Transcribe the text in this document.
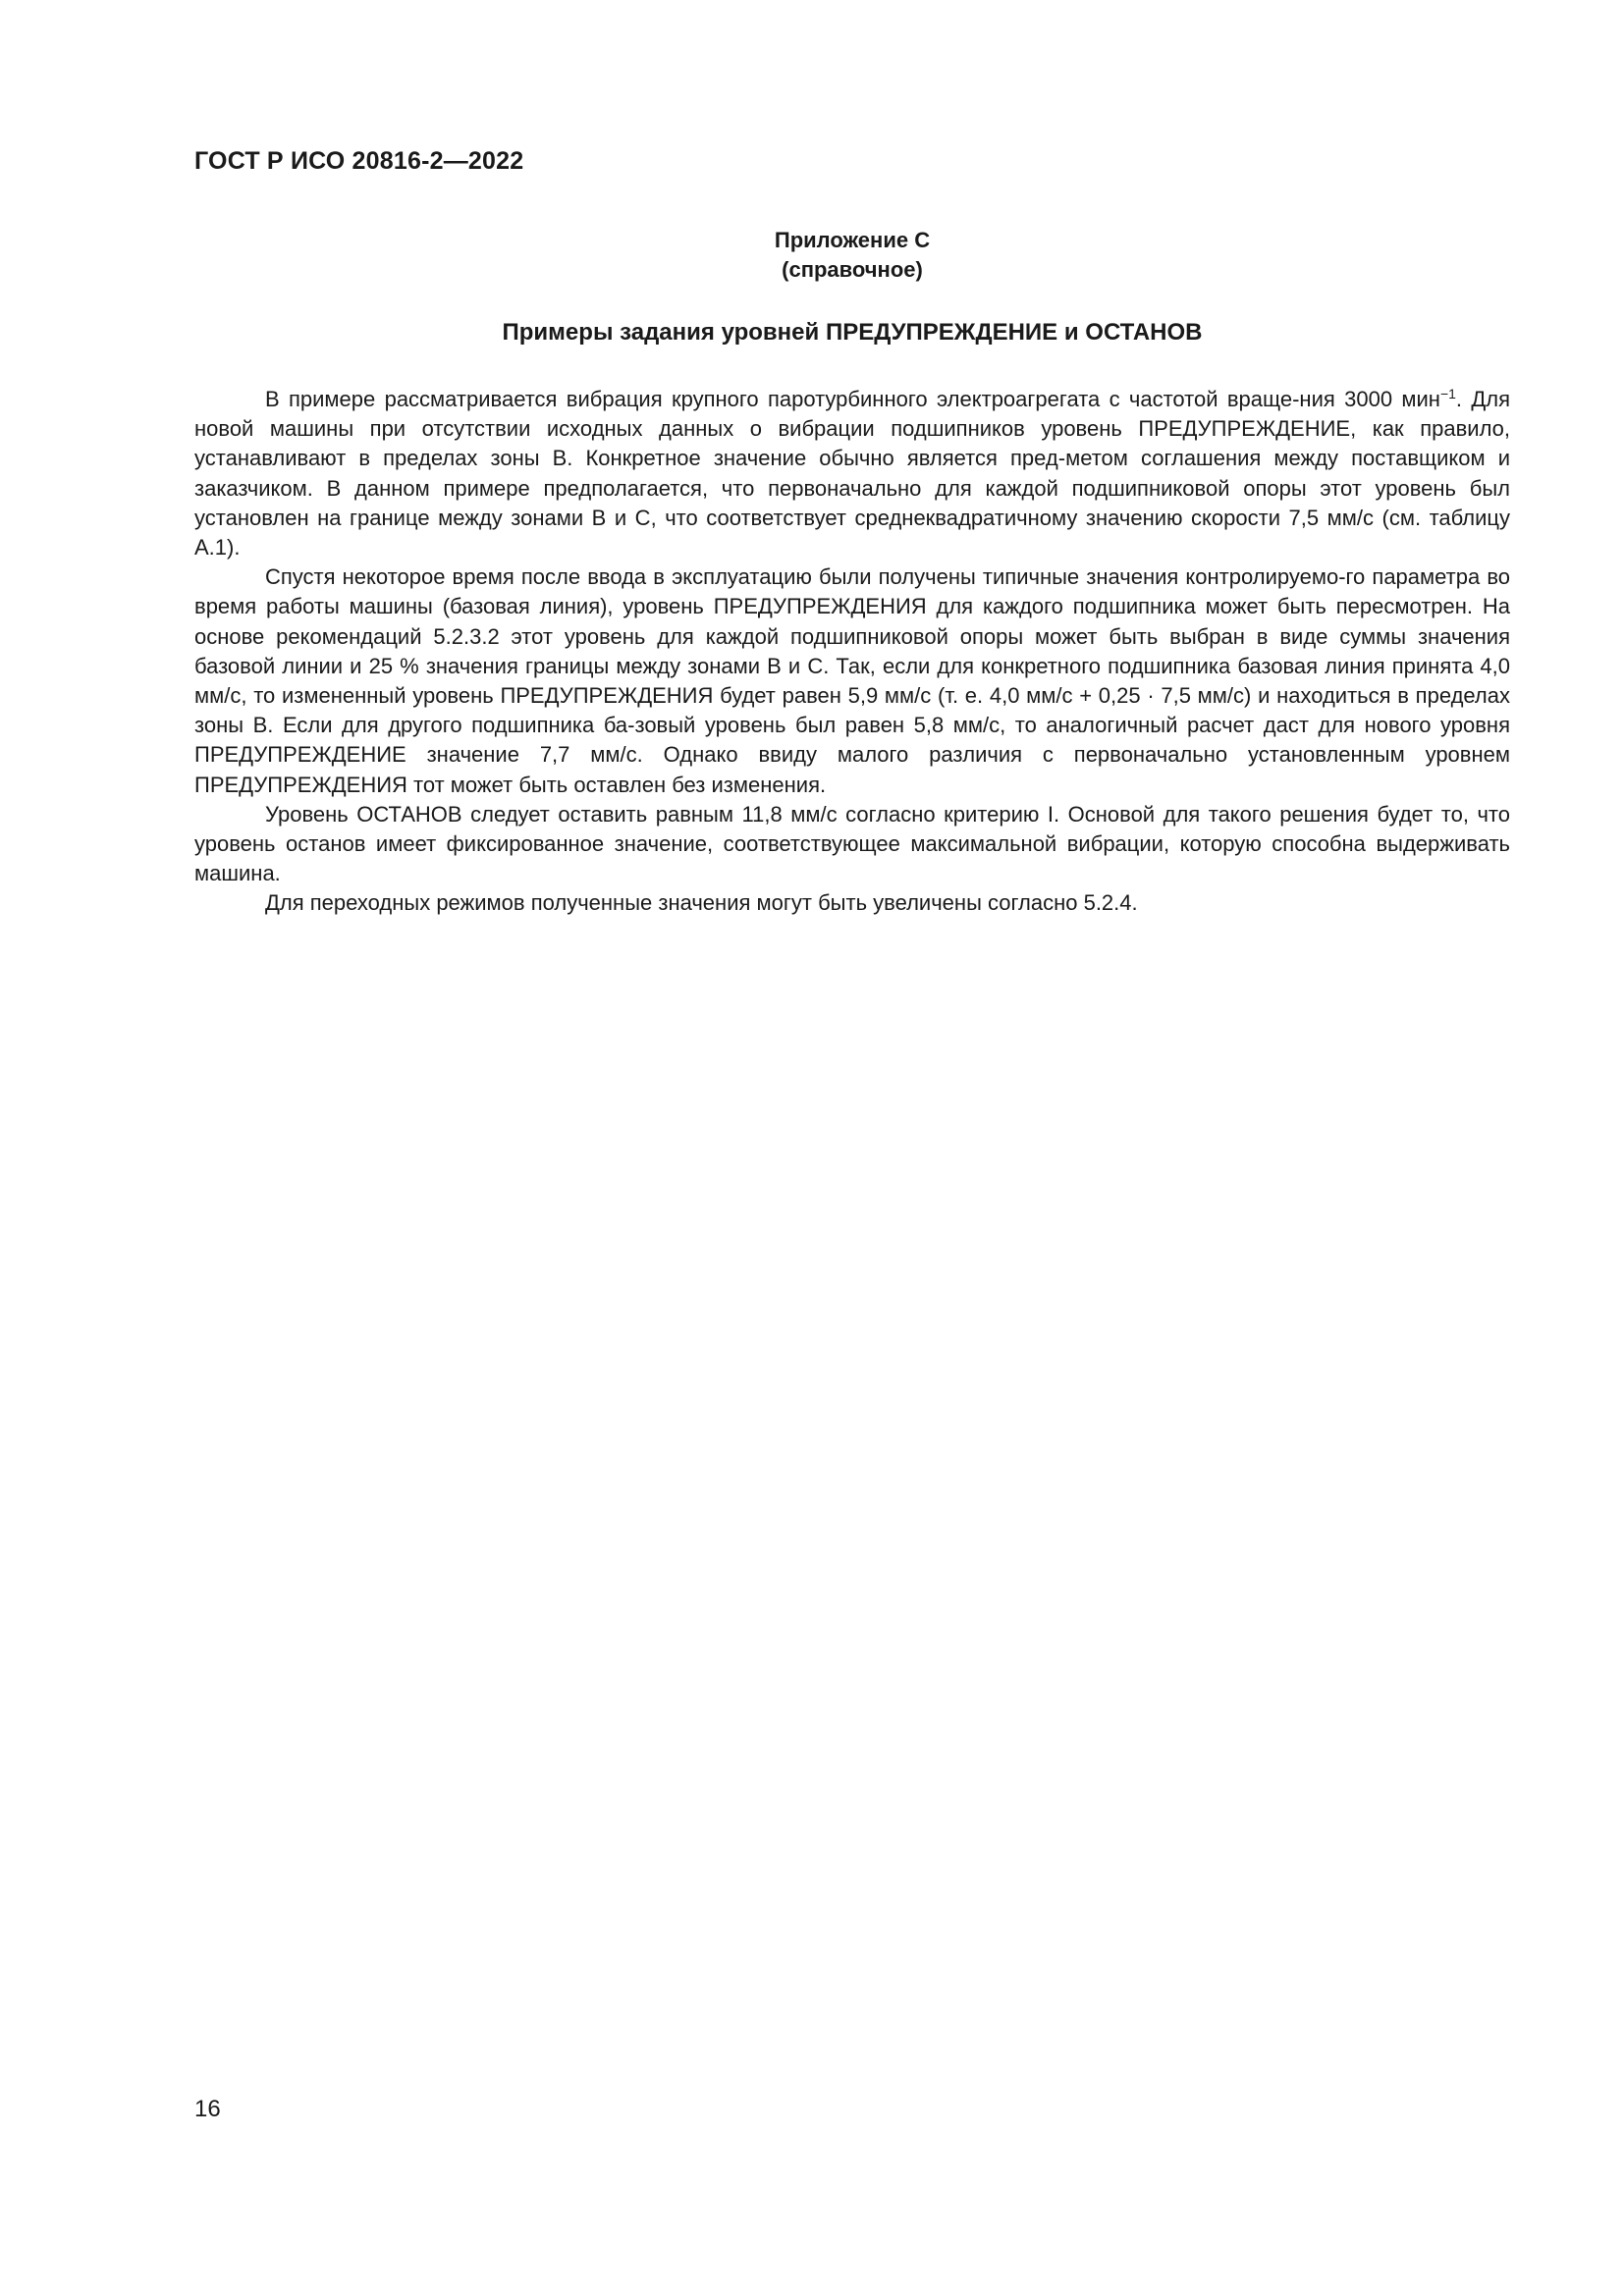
ГОСТ Р ИСО 20816-2—2022
Приложение С
(справочное)
Примеры задания уровней ПРЕДУПРЕЖДЕНИЕ и ОСТАНОВ

В примере рассматривается вибрация крупного паротурбинного электроагрегата с частотой враще-ния 3000 мин$^{-1}$. Для новой машины при отсутствии исходных данных о вибрации подшипников уровень ПРЕДУПРЕЖДЕНИЕ, как правило, устанавливают в пределах зоны В. Конкретное значение обычно является пред-метом соглашения между поставщиком и заказчиком. В данном примере предполагается, что первоначально для каждой подшипниковой опоры этот уровень был установлен на границе между зонами В и С, что соответствует среднеквадратичному значению скорости 7,5 мм/с (см. таблицу А.1).

Спустя некоторое время после ввода в эксплуатацию были получены типичные значения контролируемо-го параметра во время работы машины (базовая линия), уровень ПРЕДУПРЕЖДЕНИЯ для каждого подшипника может быть пересмотрен. На основе рекомендаций 5.2.3.2 этот уровень для каждой подшипниковой опоры может быть выбран в виде суммы значения базовой линии и 25 % значения границы между зонами В и С. Так, если для конкретного подшипника базовая линия принята 4,0 мм/с, то измененный уровень ПРЕДУПРЕЖДЕНИЯ будет равен 5,9 мм/с (т. е. 4,0 мм/с + 0,25 · 7,5 мм/с) и находиться в пределах зоны В. Если для другого подшипника ба-зовый уровень был равен 5,8 мм/с, то аналогичный расчет даст для нового уровня ПРЕДУПРЕЖДЕНИЕ значение 7,7 мм/с. Однако ввиду малого различия с первоначально установленным уровнем ПРЕДУПРЕЖДЕНИЯ тот может быть оставлен без изменения.

Уровень ОСТАНОВ следует оставить равным 11,8 мм/с согласно критерию I. Основой для такого решения будет то, что уровень останов имеет фиксированное значение, соответствующее максимальной вибрации, которую способна выдерживать машина.

Для переходных режимов полученные значения могут быть увеличены согласно 5.2.4.

16
